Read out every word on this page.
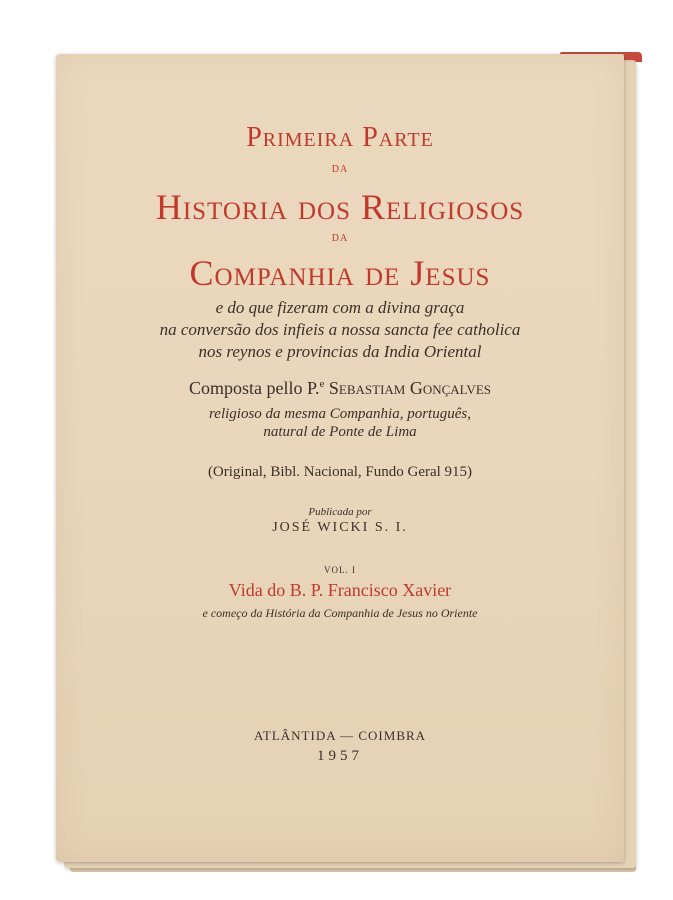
Primeira Parte
da
Historia dos Religiosos
da
Companhia de Jesus
e do que fizeram com a divina graça
na conversão dos infieis a nossa sancta fee catholica
nos reynos e provincias da India Oriental
Composta pello P.$^e$ Sebastiam Gonçalves
religioso da mesma Companhia, português,
natural de Ponte de Lima
(Original, Bibl. Nacional, Fundo Geral 915)
Publicada por
JOSÉ WICKI S. I.
VOL. I
Vida do B. P. Francisco Xavier
e começo da História da Companhia de Jesus no Oriente
ATLÂNTIDA — COIMBRA
1957
